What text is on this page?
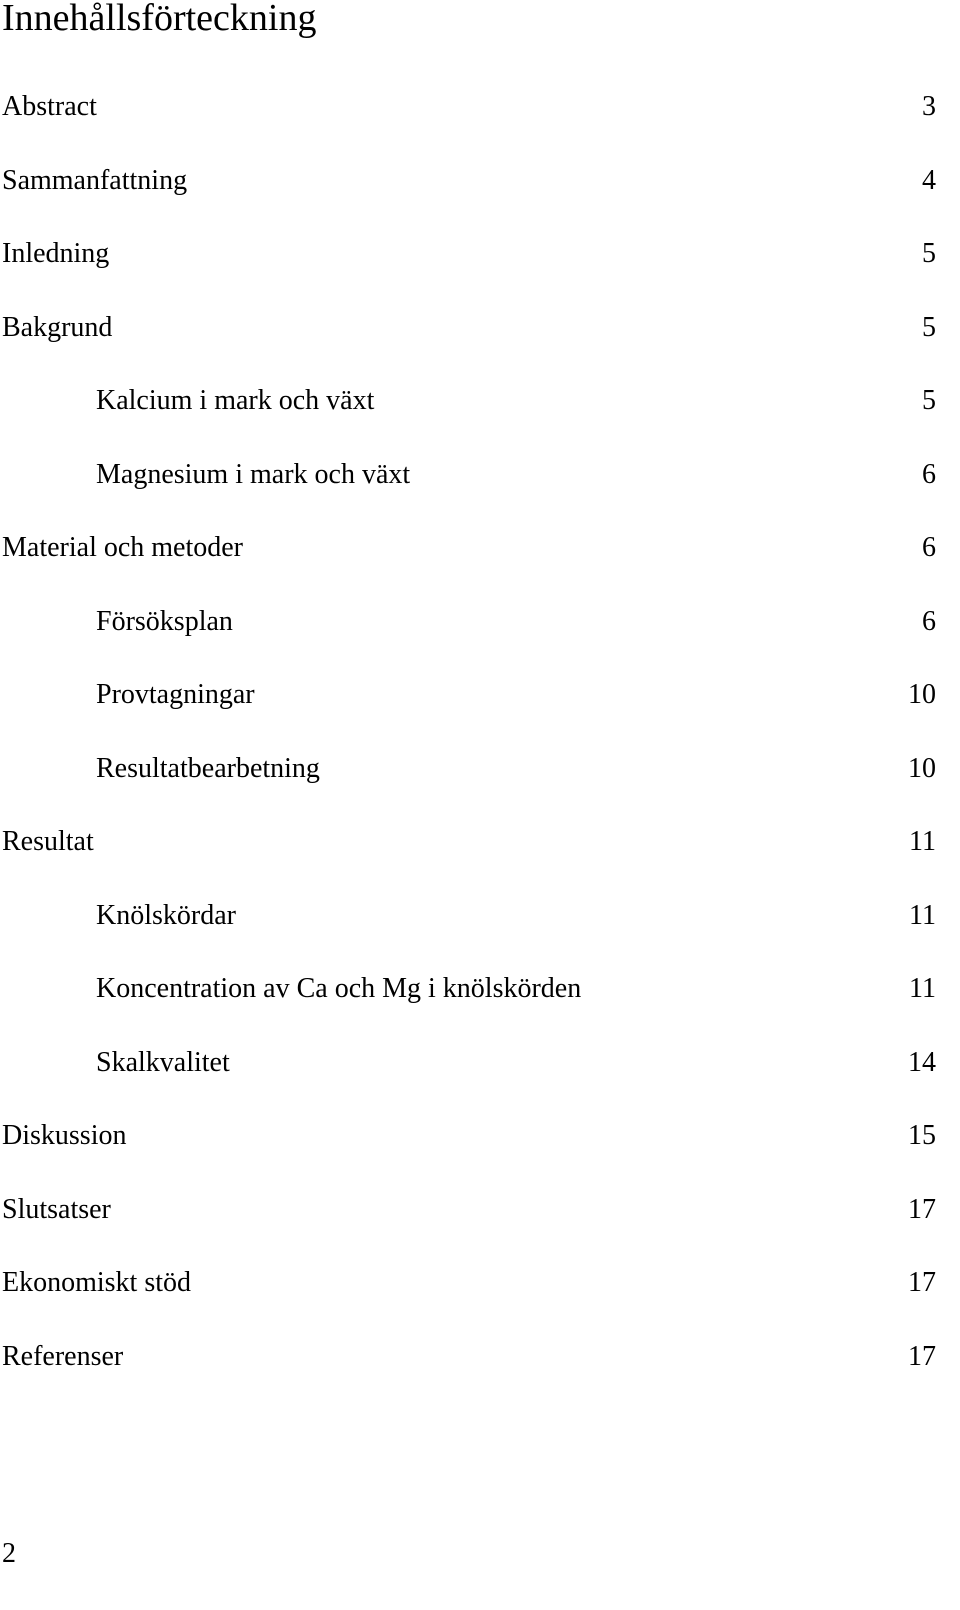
Innehållsförteckning
Abstract	3
Sammanfattning	4
Inledning	5
Bakgrund	5
Kalcium i mark och växt	5
Magnesium i mark och växt	6
Material och metoder	6
Försöksplan	6
Provtagningar	10
Resultatbearbetning	10
Resultat	11
Knölskördar	11
Koncentration av Ca och Mg i knölskörden	11
Skalkvalitet	14
Diskussion	15
Slutsatser	17
Ekonomiskt stöd	17
Referenser	17
2
